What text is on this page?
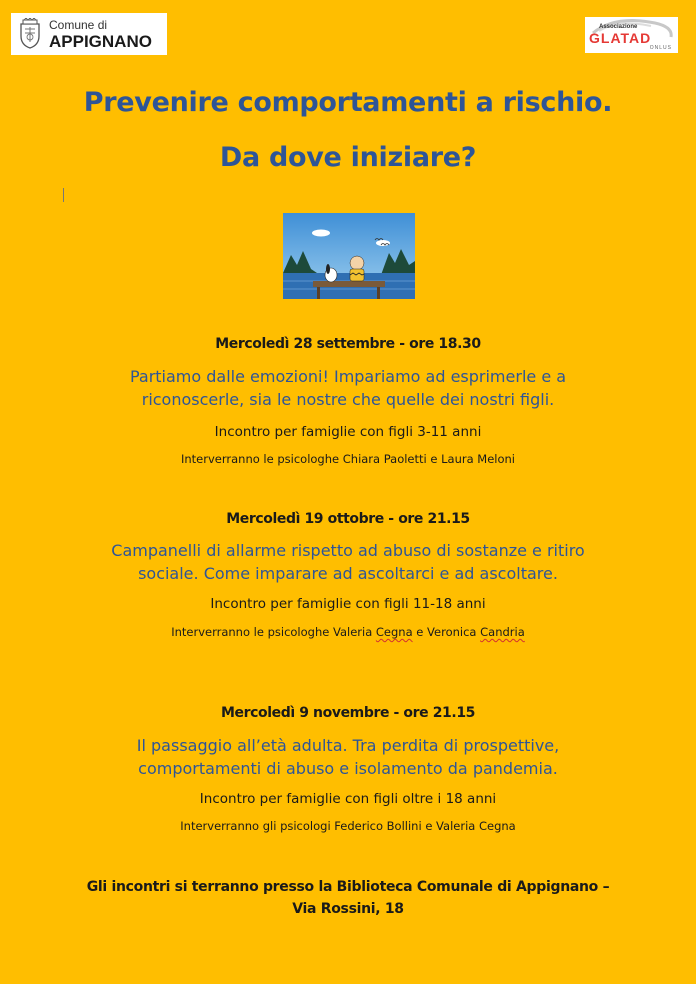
Comune di
APPIGNANO
Associazione
GLATAD
ONLUS
Prevenire comportamenti a rischio.
Da dove iniziare?
Mercoledì 28 settembre - ore 18.30
Partiamo dalle emozioni! Impariamo ad esprimerle e a
riconoscerle, sia le nostre che quelle dei nostri figli.
Incontro per famiglie con figli 3-11 anni
Interverranno le psicologhe Chiara Paoletti e Laura Meloni
Mercoledì 19 ottobre - ore 21.15
Campanelli di allarme rispetto ad abuso di sostanze e ritiro
sociale. Come imparare ad ascoltarci e ad ascoltare.
Incontro per famiglie con figli 11-18 anni
Interverranno le psicologhe Valeria Cegna e Veronica Candria
Mercoledì 9 novembre - ore 21.15
Il passaggio all’età adulta. Tra perdita di prospettive,
comportamenti di abuso e isolamento da pandemia.
Incontro per famiglie con figli oltre i 18 anni
Interverranno gli psicologi Federico Bollini e Valeria Cegna
Gli incontri si terranno presso la Biblioteca Comunale di Appignano –
Via Rossini, 18
